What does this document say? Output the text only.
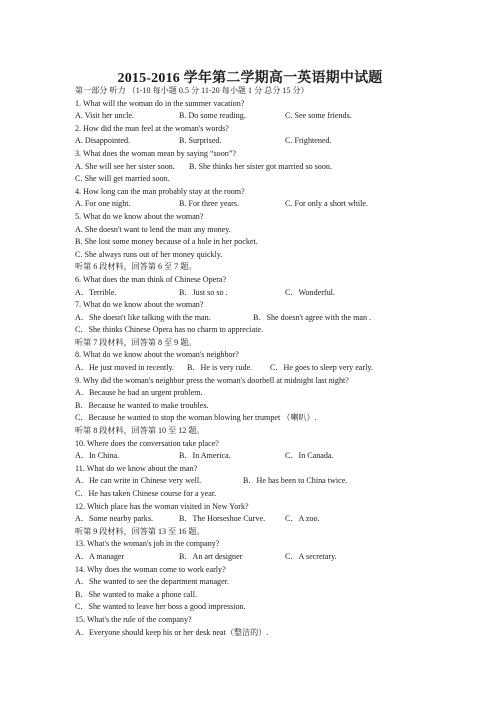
2015-2016 学年第二学期高一英语期中试题
第一部分 听力 （1-10 每小题 0.5 分 11-20 每小题 1 分 总分 15 分）
1. What will the woman do in the summer vacation?
A. Visit her uncle.	B. Do some reading.	C. See some friends.
2. How did the man feel at the woman's words?
A. Disappointed.	B. Surprised.	C. Frightened.
3. What does the woman mean by saying “soon”?
A. She will see her sister soon. B. She thinks her sister got married so soon.
C. She will get married soon.
4. How long can the man probably stay at the room?
A. For one night.	B. For three years.	C. For only a short while.
5. What do we know about the woman?
A. She doesn't want to lend the man any money.
B. She lost some money because of a hole in her pocket.
C. She always runs out of her money quickly.
听第 6 段材料，回答第 6 至 7 题。
6. What does the man think of Chinese Opera?
A．Terrible.	B．Just so so .	C．Wonderful.
7. What do we know about the woman?
A．She doesn't like talking with the man.	B．She doesn't agree with the man .
C．She thinks Chinese Opera has no charm to appreciate.
听第 7 段材料，回答第 8 至 9 题。
8. What do we know about the woman's neighbor?
A．He just moved in recently. B．He is very rude. C．He goes to sleep very early.
9. Why did the woman's neighbor press the woman's doorbell at midnight last night?
A．Because he had an urgent problem.
B．Because he wanted to make troubles.
C．Because he wanted to stop the woman blowing her trumpet （喇叭）.
听第 8 段材料，回答第 10 至 12 题。
10. Where does the conversation take place?
A．In China.	B．In America.	C．In Canada.
11. What do we know about the man?
A．He can write in Chinese very well.	B．He has been to China twice.
C．He has taken Chinese course for a year.
12. Which place has the woman visited in New York?
A．Some nearby parks.	B．The Horseshoe Curve. C．A zoo.
听第 9 段材料，回答第 13 至 16 题。
13. What's the woman's job in the company?
A．A manager	B．An art designer	C．A secretary.
14. Why does the woman come to work early?
A．She wanted to see the department manager.
B．She wanted to make a phone call.
C．She wanted to leave her boss a good impression.
15. What's the rule of the company?
A．Everyone should keep his or her desk neat（整洁的）.
